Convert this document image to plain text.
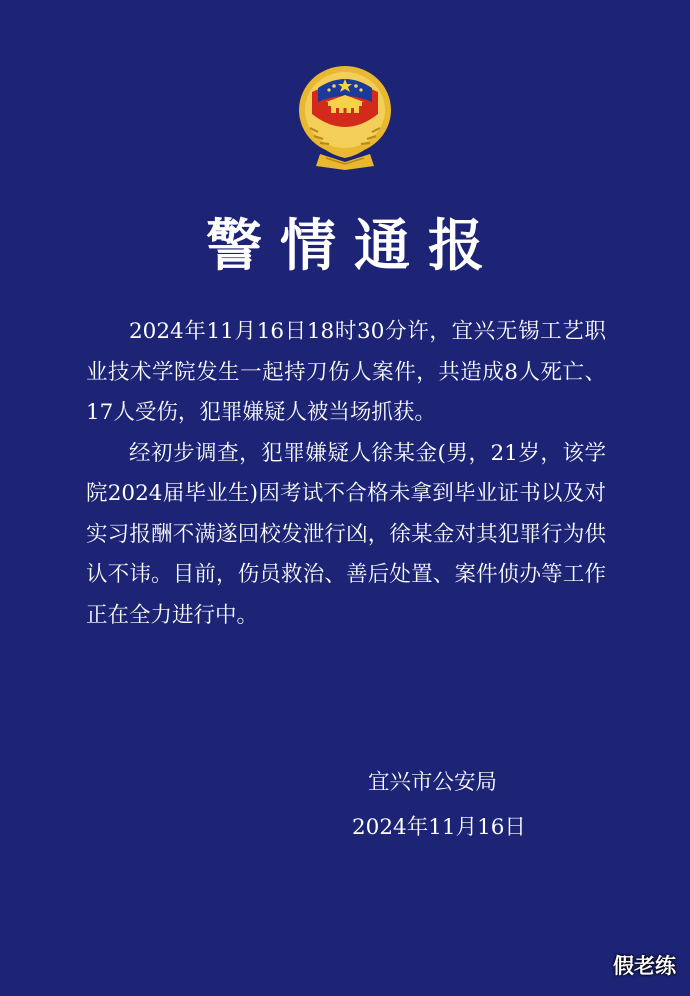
警情通报

2024年11月16日18时30分许，宜兴无锡工艺职业技术学院发生一起持刀伤人案件，共造成8人死亡、17人受伤，犯罪嫌疑人被当场抓获。

经初步调查，犯罪嫌疑人徐某金(男，21岁，该学院2024届毕业生)因考试不合格未拿到毕业证书以及对实习报酬不满遂回校发泄行凶，徐某金对其犯罪行为供认不讳。目前，伤员救治、善后处置、案件侦办等工作正在全力进行中。

宜兴市公安局
2024年11月16日
假老练
